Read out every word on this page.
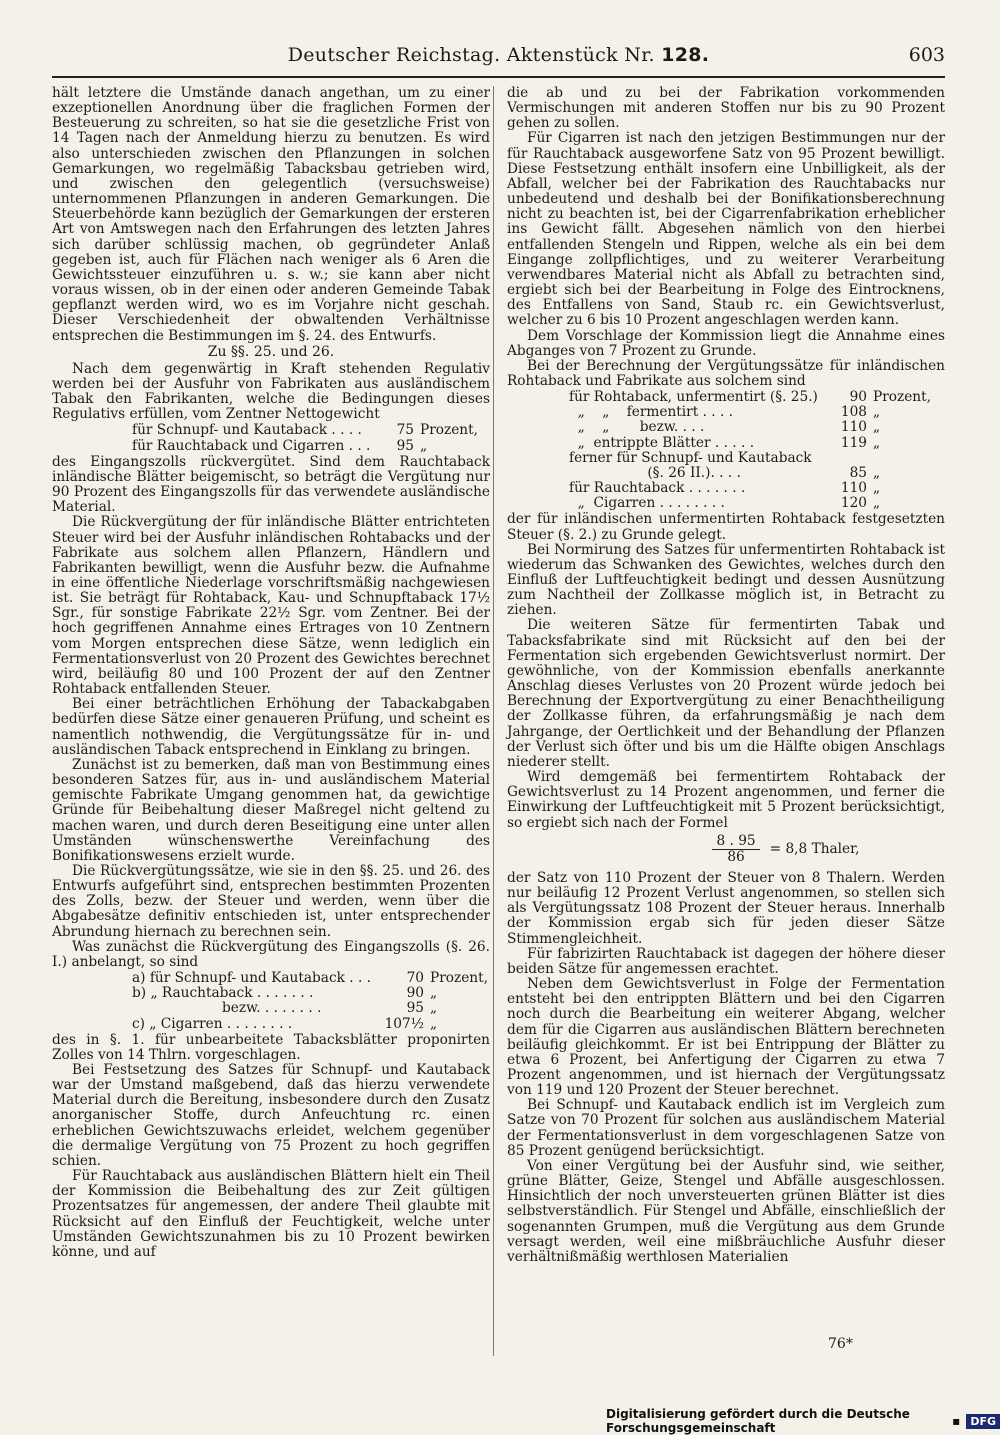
Deutscher Reichstag. Aktenstück Nr. 128.	603

hält letztere die Umstände danach angethan, um zu einer exzeptionellen Anordnung über die fraglichen Formen der Besteuerung zu schreiten, so hat sie die gesetzliche Frist von 14 Tagen nach der Anmeldung hierzu zu benutzen. Es wird also unterschieden zwischen den Pflanzungen in solchen Gemarkungen, wo regelmäßig Tabacksbau getrieben wird, und zwischen den gelegentlich (versuchsweise) unternommenen Pflanzungen in anderen Gemarkungen. Die Steuerbehörde kann bezüglich der Gemarkungen der ersteren Art von Amtswegen nach den Erfahrungen des letzten Jahres sich darüber schlüssig machen, ob gegründeter Anlaß gegeben ist, auch für Flächen nach weniger als 6 Aren die Gewichtssteuer einzuführen u. s. w.; sie kann aber nicht voraus wissen, ob in der einen oder anderen Gemeinde Tabak gepflanzt werden wird, wo es im Vorjahre nicht geschah. Dieser Verschiedenheit der obwaltenden Verhältnisse entsprechen die Bestimmungen im §. 24. des Entwurfs.

Zu §§. 25. und 26.

Nach dem gegenwärtig in Kraft stehenden Regulativ werden bei der Ausfuhr von Fabrikaten aus ausländischem Tabak den Fabrikanten, welche die Bedingungen dieses Regulativs erfüllen, vom Zentner Nettogewicht

für Schnupf- und Kautaback . . . .	75 Prozent,
für Rauchtaback und Cigarren . . .	95 „

des Eingangszolls rückvergütet. Sind dem Rauchtaback inländische Blätter beigemischt, so beträgt die Vergütung nur 90 Prozent des Eingangszolls für das verwendete ausländische Material.

Die Rückvergütung der für inländische Blätter entrichteten Steuer wird bei der Ausfuhr inländischen Rohtabacks und der Fabrikate aus solchem allen Pflanzern, Händlern und Fabrikanten bewilligt, wenn die Ausfuhr bezw. die Aufnahme in eine öffentliche Niederlage vorschriftsmäßig nachgewiesen ist. Sie beträgt für Rohtaback, Kau- und Schnupftaback 17½ Sgr., für sonstige Fabrikate 22½ Sgr. vom Zentner. Bei der hoch gegriffenen Annahme eines Ertrages von 10 Zentnern vom Morgen entsprechen diese Sätze, wenn lediglich ein Fermentationsverlust von 20 Prozent des Gewichtes berechnet wird, beiläufig 80 und 100 Prozent der auf den Zentner Rohtaback entfallenden Steuer.

Bei einer beträchtlichen Erhöhung der Tabackabgaben bedürfen diese Sätze einer genaueren Prüfung, und scheint es namentlich nothwendig, die Vergütungssätze für in- und ausländischen Taback entsprechend in Einklang zu bringen.

Zunächst ist zu bemerken, daß man von Bestimmung eines besonderen Satzes für, aus in- und ausländischem Material gemischte Fabrikate Umgang genommen hat, da gewichtige Gründe für Beibehaltung dieser Maßregel nicht geltend zu machen waren, und durch deren Beseitigung eine unter allen Umständen wünschenswerthe Vereinfachung des Bonifikationswesens erzielt wurde.

Die Rückvergütungssätze, wie sie in den §§. 25. und 26. des Entwurfs aufgeführt sind, entsprechen bestimmten Prozenten des Zolls, bezw. der Steuer und werden, wenn über die Abgabesätze definitiv entschieden ist, unter entsprechender Abrundung hiernach zu berechnen sein.

Was zunächst die Rückvergütung des Eingangszolls (§. 26. I.) anbelangt, so sind

a) für Schnupf- und Kautaback . . .	70 Prozent,
b) „ Rauchtaback . . . . . . .	90 „
bezw. . . . . . . .	95 „
c) „ Cigarren . . . . . . . .	107½ „

des in §. 1. für unbearbeitete Tabacksblätter proponirten Zolles von 14 Thlrn. vorgeschlagen.

Bei Festsetzung des Satzes für Schnupf- und Kautaback war der Umstand maßgebend, daß das hierzu verwendete Material durch die Bereitung, insbesondere durch den Zusatz anorganischer Stoffe, durch Anfeuchtung rc. einen erheblichen Gewichtszuwachs erleidet, welchem gegenüber die dermalige Vergütung von 75 Prozent zu hoch gegriffen schien.

Für Rauchtaback aus ausländischen Blättern hielt ein Theil der Kommission die Beibehaltung des zur Zeit gültigen Prozentsatzes für angemessen, der andere Theil glaubte mit Rücksicht auf den Einfluß der Feuchtigkeit, welche unter Umständen Gewichtszunahmen bis zu 10 Prozent bewirken könne, und auf

die ab und zu bei der Fabrikation vorkommenden Vermischungen mit anderen Stoffen nur bis zu 90 Prozent gehen zu sollen.

Für Cigarren ist nach den jetzigen Bestimmungen nur der für Rauchtaback ausgeworfene Satz von 95 Prozent bewilligt. Diese Festsetzung enthält insofern eine Unbilligkeit, als der Abfall, welcher bei der Fabrikation des Rauchtabacks nur unbedeutend und deshalb bei der Bonifikationsberechnung nicht zu beachten ist, bei der Cigarrenfabrikation erheblicher ins Gewicht fällt. Abgesehen nämlich von den hierbei entfallenden Stengeln und Rippen, welche als ein bei dem Eingange zollpflichtiges, und zu weiterer Verarbeitung verwendbares Material nicht als Abfall zu betrachten sind, ergiebt sich bei der Bearbeitung in Folge des Eintrocknens, des Entfallens von Sand, Staub rc. ein Gewichtsverlust, welcher zu 6 bis 10 Prozent angeschlagen werden kann.

Dem Vorschlage der Kommission liegt die Annahme eines Abganges von 7 Prozent zu Grunde.

Bei der Berechnung der Vergütungssätze für inländischen Rohtaback und Fabrikate aus solchem sind

für Rohtaback, unfermentirt (§. 25.)	90 Prozent,
„    „    fermentirt . . . .	108 „
„    „       bezw. . . .	110 „
„  entrippte Blätter . . . . .	119 „
ferner für Schnupf- und Kautaback
(§. 26 II.). . . .	85 „
für Rauchtaback . . . . . . .	110 „
„  Cigarren . . . . . . . .	120 „

der für inländischen unfermentirten Rohtaback festgesetzten Steuer (§. 2.) zu Grunde gelegt.

Bei Normirung des Satzes für unfermentirten Rohtaback ist wiederum das Schwanken des Gewichtes, welches durch den Einfluß der Luftfeuchtigkeit bedingt und dessen Ausnützung zum Nachtheil der Zollkasse möglich ist, in Betracht zu ziehen.

Die weiteren Sätze für fermentirten Tabak und Tabacksfabrikate sind mit Rücksicht auf den bei der Fermentation sich ergebenden Gewichtsverlust normirt. Der gewöhnliche, von der Kommission ebenfalls anerkannte Anschlag dieses Verlustes von 20 Prozent würde jedoch bei Berechnung der Exportvergütung zu einer Benachtheiligung der Zollkasse führen, da erfahrungsmäßig je nach dem Jahrgange, der Oertlichkeit und der Behandlung der Pflanzen der Verlust sich öfter und bis um die Hälfte obigen Anschlags niederer stellt.

Wird demgemäß bei fermentirtem Rohtaback der Gewichtsverlust zu 14 Prozent angenommen, und ferner die Einwirkung der Luftfeuchtigkeit mit 5 Prozent berücksichtigt, so ergiebt sich nach der Formel

$\frac{8 . 95}{86} = 8,8$ Thaler,

der Satz von 110 Prozent der Steuer von 8 Thalern. Werden nur beiläufig 12 Prozent Verlust angenommen, so stellen sich als Vergütungssatz 108 Prozent der Steuer heraus. Innerhalb der Kommission ergab sich für jeden dieser Sätze Stimmengleichheit.

Für fabrizirten Rauchtaback ist dagegen der höhere dieser beiden Sätze für angemessen erachtet.

Neben dem Gewichtsverlust in Folge der Fermentation entsteht bei den entrippten Blättern und bei den Cigarren noch durch die Bearbeitung ein weiterer Abgang, welcher dem für die Cigarren aus ausländischen Blättern berechneten beiläufig gleichkommt. Er ist bei Entrippung der Blätter zu etwa 6 Prozent, bei Anfertigung der Cigarren zu etwa 7 Prozent angenommen, und ist hiernach der Vergütungssatz von 119 und 120 Prozent der Steuer berechnet.

Bei Schnupf- und Kautaback endlich ist im Vergleich zum Satze von 70 Prozent für solchen aus ausländischem Material der Fermentationsverlust in dem vorgeschlagenen Satze von 85 Prozent genügend berücksichtigt.

Von einer Vergütung bei der Ausfuhr sind, wie seither, grüne Blätter, Geize, Stengel und Abfälle ausgeschlossen. Hinsichtlich der noch unversteuerten grünen Blätter ist dies selbstverständlich. Für Stengel und Abfälle, einschließlich der sogenannten Grumpen, muß die Vergütung aus dem Grunde versagt werden, weil eine mißbräuchliche Ausfuhr dieser verhältnißmäßig werthlosen Materialien

76*
Digitalisierung gefördert durch die Deutsche Forschungsgemeinschaft	▪ DFG
